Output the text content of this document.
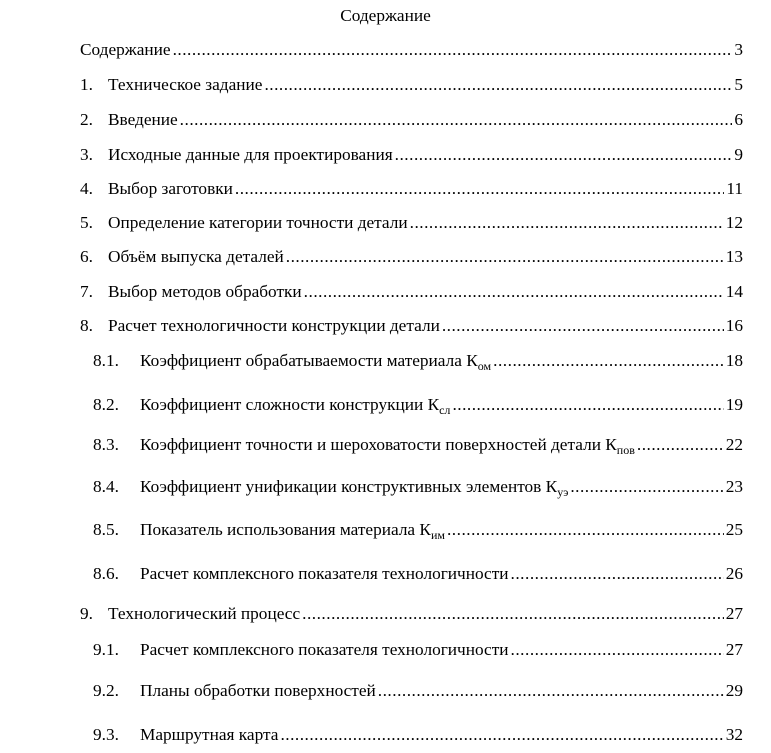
Содержание
Содержание .....	3
1. Техническое задание .....	5
2. Введение .....	6
3. Исходные данные для проектирования .....	9
4. Выбор заготовки .....	11
5. Определение категории точности детали .....	12
6. Объём выпуска деталей .....	13
7. Выбор методов обработки .....	14
8. Расчет технологичности конструкции детали .....	16
8.1.	Коэффициент обрабатываемости материала $К_{ом}$ .....	18
8.2.	Коэффициент сложности конструкции $К_{сл}$ .....	19
8.3.	Коэффициент точности и шероховатости поверхностей детали $К_{пов}$ .....	22
8.4.	Коэффициент унификации конструктивных элементов $К_{уэ}$ .....	23
8.5.	Показатель использования материала $К_{им}$ .....	25
8.6.	Расчет комплексного показателя технологичности .....	26
9. Технологический процесс .....	27
9.1.	Расчет комплексного показателя технологичности .....	27
9.2.	Планы обработки поверхностей .....	29
9.3.	Маршрутная карта .....	32
